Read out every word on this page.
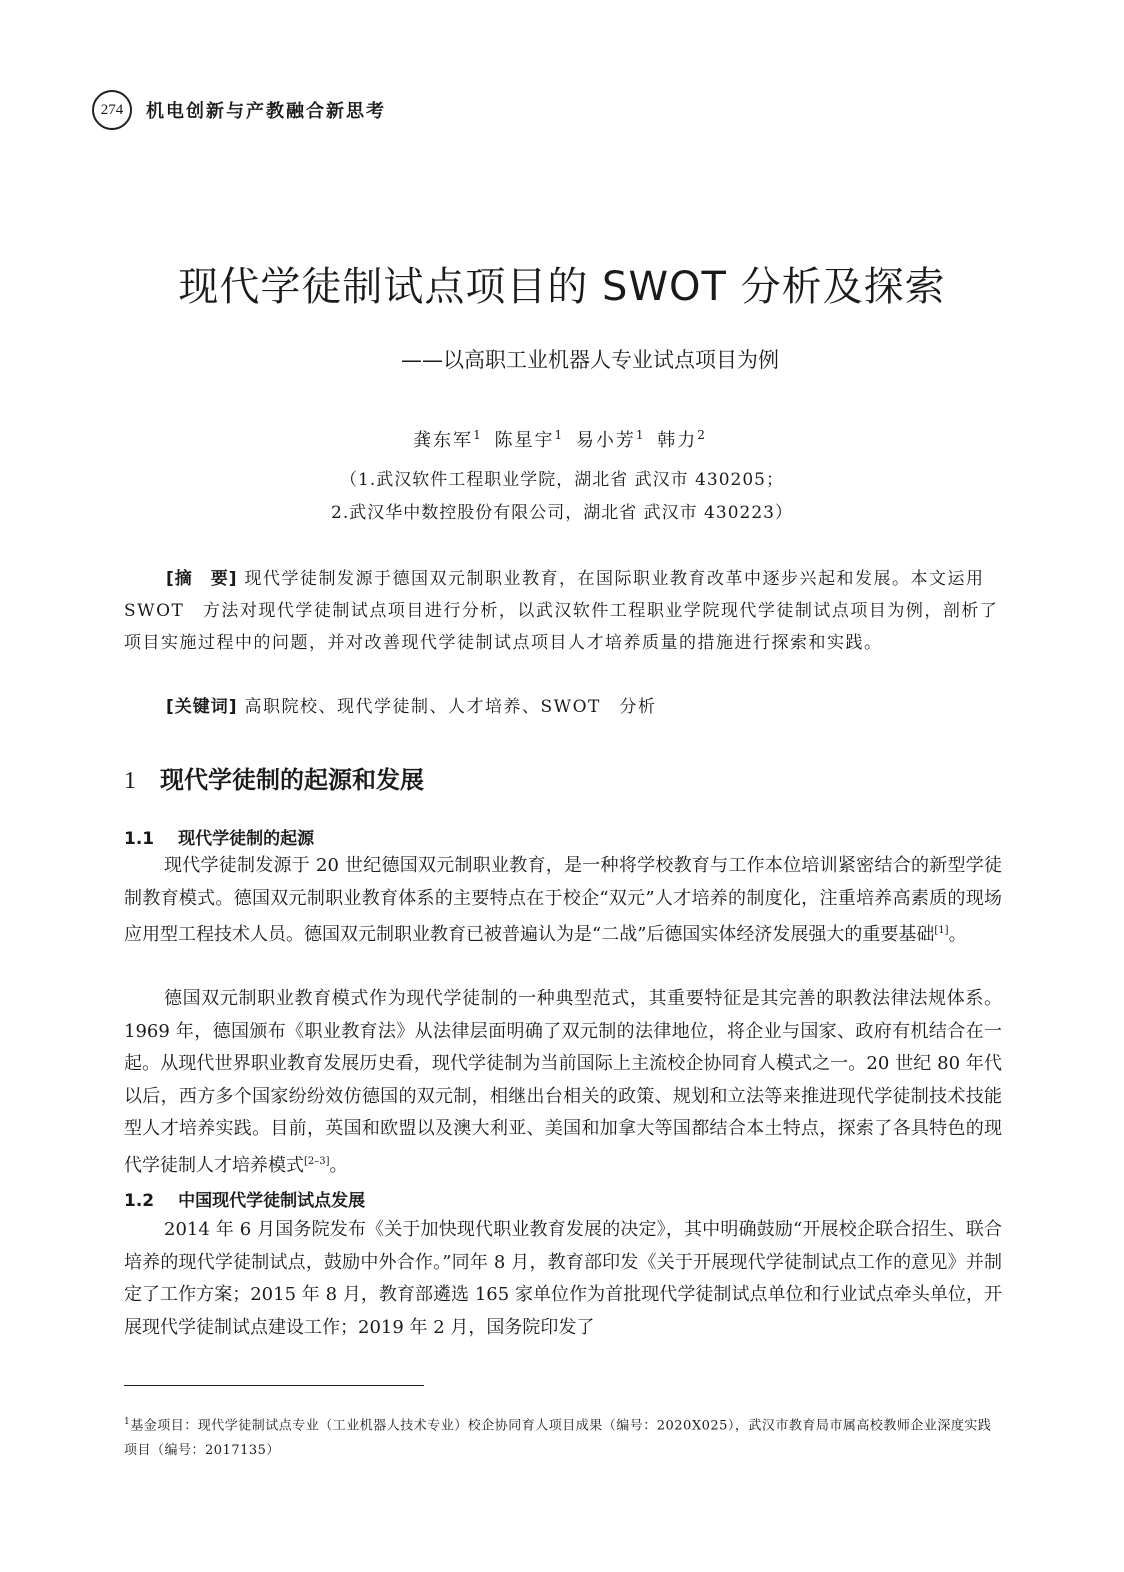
274	机电创新与产教融合新思考
现代学徒制试点项目的 SWOT 分析及探索
——以高职工业机器人专业试点项目为例
龚东军$^1$ 陈星宇$^1$ 易小芳$^1$ 韩力$^2$
（1.武汉软件工程职业学院，湖北省 武汉市 430205；
2.武汉华中数控股份有限公司，湖北省 武汉市 430223）
[摘　要] 现代学徒制发源于德国双元制职业教育，在国际职业教育改革中逐步兴起和发展。本文运用 SWOT　方法对现代学徒制试点项目进行分析，以武汉软件工程职业学院现代学徒制试点项目为例，剖析了项目实施过程中的问题，并对改善现代学徒制试点项目人才培养质量的措施进行探索和实践。
[关键词] 高职院校、现代学徒制、人才培养、SWOT　分析
1 现代学徒制的起源和发展
1.1 现代学徒制的起源

现代学徒制发源于 20 世纪德国双元制职业教育，是一种将学校教育与工作本位培训紧密结合的新型学徒制教育模式。德国双元制职业教育体系的主要特点在于校企“双元”人才培养的制度化，注重培养高素质的现场应用型工程技术人员。德国双元制职业教育已被普遍认为是“二战”后德国实体经济发展强大的重要基础[1]。

德国双元制职业教育模式作为现代学徒制的一种典型范式，其重要特征是其完善的职教法律法规体系。1969 年，德国颁布《职业教育法》从法律层面明确了双元制的法律地位，将企业与国家、政府有机结合在一起。从现代世界职业教育发展历史看，现代学徒制为当前国际上主流校企协同育人模式之一。20 世纪 80 年代以后，西方多个国家纷纷效仿德国的双元制，相继出台相关的政策、规划和立法等来推进现代学徒制技术技能型人才培养实践。目前，英国和欧盟以及澳大利亚、美国和加拿大等国都结合本土特点，探索了各具特色的现代学徒制人才培养模式[2–3]。

1.2 中国现代学徒制试点发展

2014 年 6 月国务院发布《关于加快现代职业教育发展的决定》，其中明确鼓励“开展校企联合招生、联合培养的现代学徒制试点，鼓励中外合作。”同年 8 月，教育部印发《关于开展现代学徒制试点工作的意见》并制定了工作方案；2015 年 8 月，教育部遴选 165 家单位作为首批现代学徒制试点单位和行业试点牵头单位，开展现代学徒制试点建设工作；2019 年 2 月，国务院印发了

$^1$基金项目：现代学徒制试点专业（工业机器人技术专业）校企协同育人项目成果（编号：2020X025），武汉市教育局市属高校教师企业深度实践项目（编号：2017135）
